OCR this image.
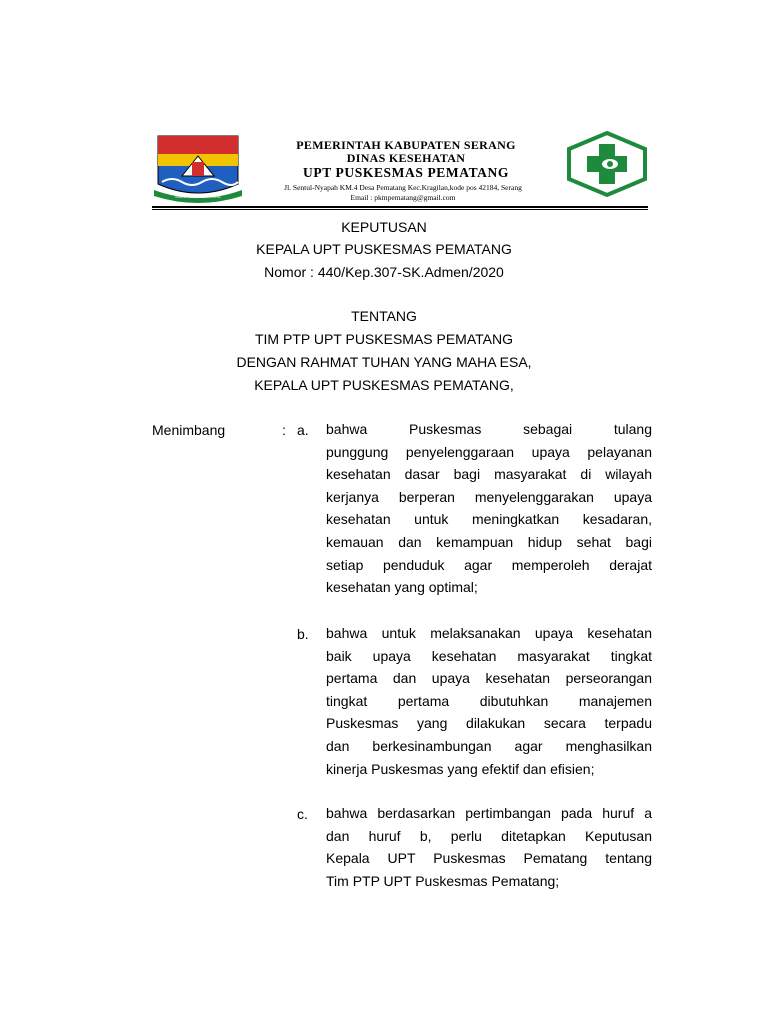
MAJU ADIL SEJAHTERA
PEMERINTAH KABUPATEN SERANG
DINAS KESEHATAN
UPT PUSKESMAS PEMATANG
Jl. Sentul-Nyapah KM.4 Desa Pematang Kec.Kragilan,kode pos 42184, Serang
Email : pkmpematang@gmail.com
KEPUTUSAN
KEPALA UPT PUSKESMAS PEMATANG
Nomor : 440/Kep.307-SK.Admen/2020
TENTANG
TIM PTP UPT PUSKESMAS PEMATANG
DENGAN RAHMAT TUHAN YANG MAHA ESA,
KEPALA UPT PUSKESMAS PEMATANG,
Menimbang	: a. bahwa Puskesmas sebagai tulang
punggung penyelenggaraan upaya pelayanan
kesehatan dasar bagi masyarakat di wilayah
kerjanya berperan menyelenggarakan upaya
kesehatan untuk meningkatkan kesadaran,
kemauan dan kemampuan hidup sehat bagi
setiap penduduk agar memperoleh derajat
kesehatan yang optimal;
b. bahwa untuk melaksanakan upaya kesehatan
baik upaya kesehatan masyarakat tingkat
pertama dan upaya kesehatan perseorangan
tingkat pertama dibutuhkan manajemen
Puskesmas yang dilakukan secara terpadu
dan berkesinambungan agar menghasilkan
kinerja Puskesmas yang efektif dan efisien;
c. bahwa berdasarkan pertimbangan pada huruf a
dan huruf b, perlu ditetapkan Keputusan
Kepala UPT Puskesmas Pematang tentang
Tim PTP UPT Puskesmas Pematang;
